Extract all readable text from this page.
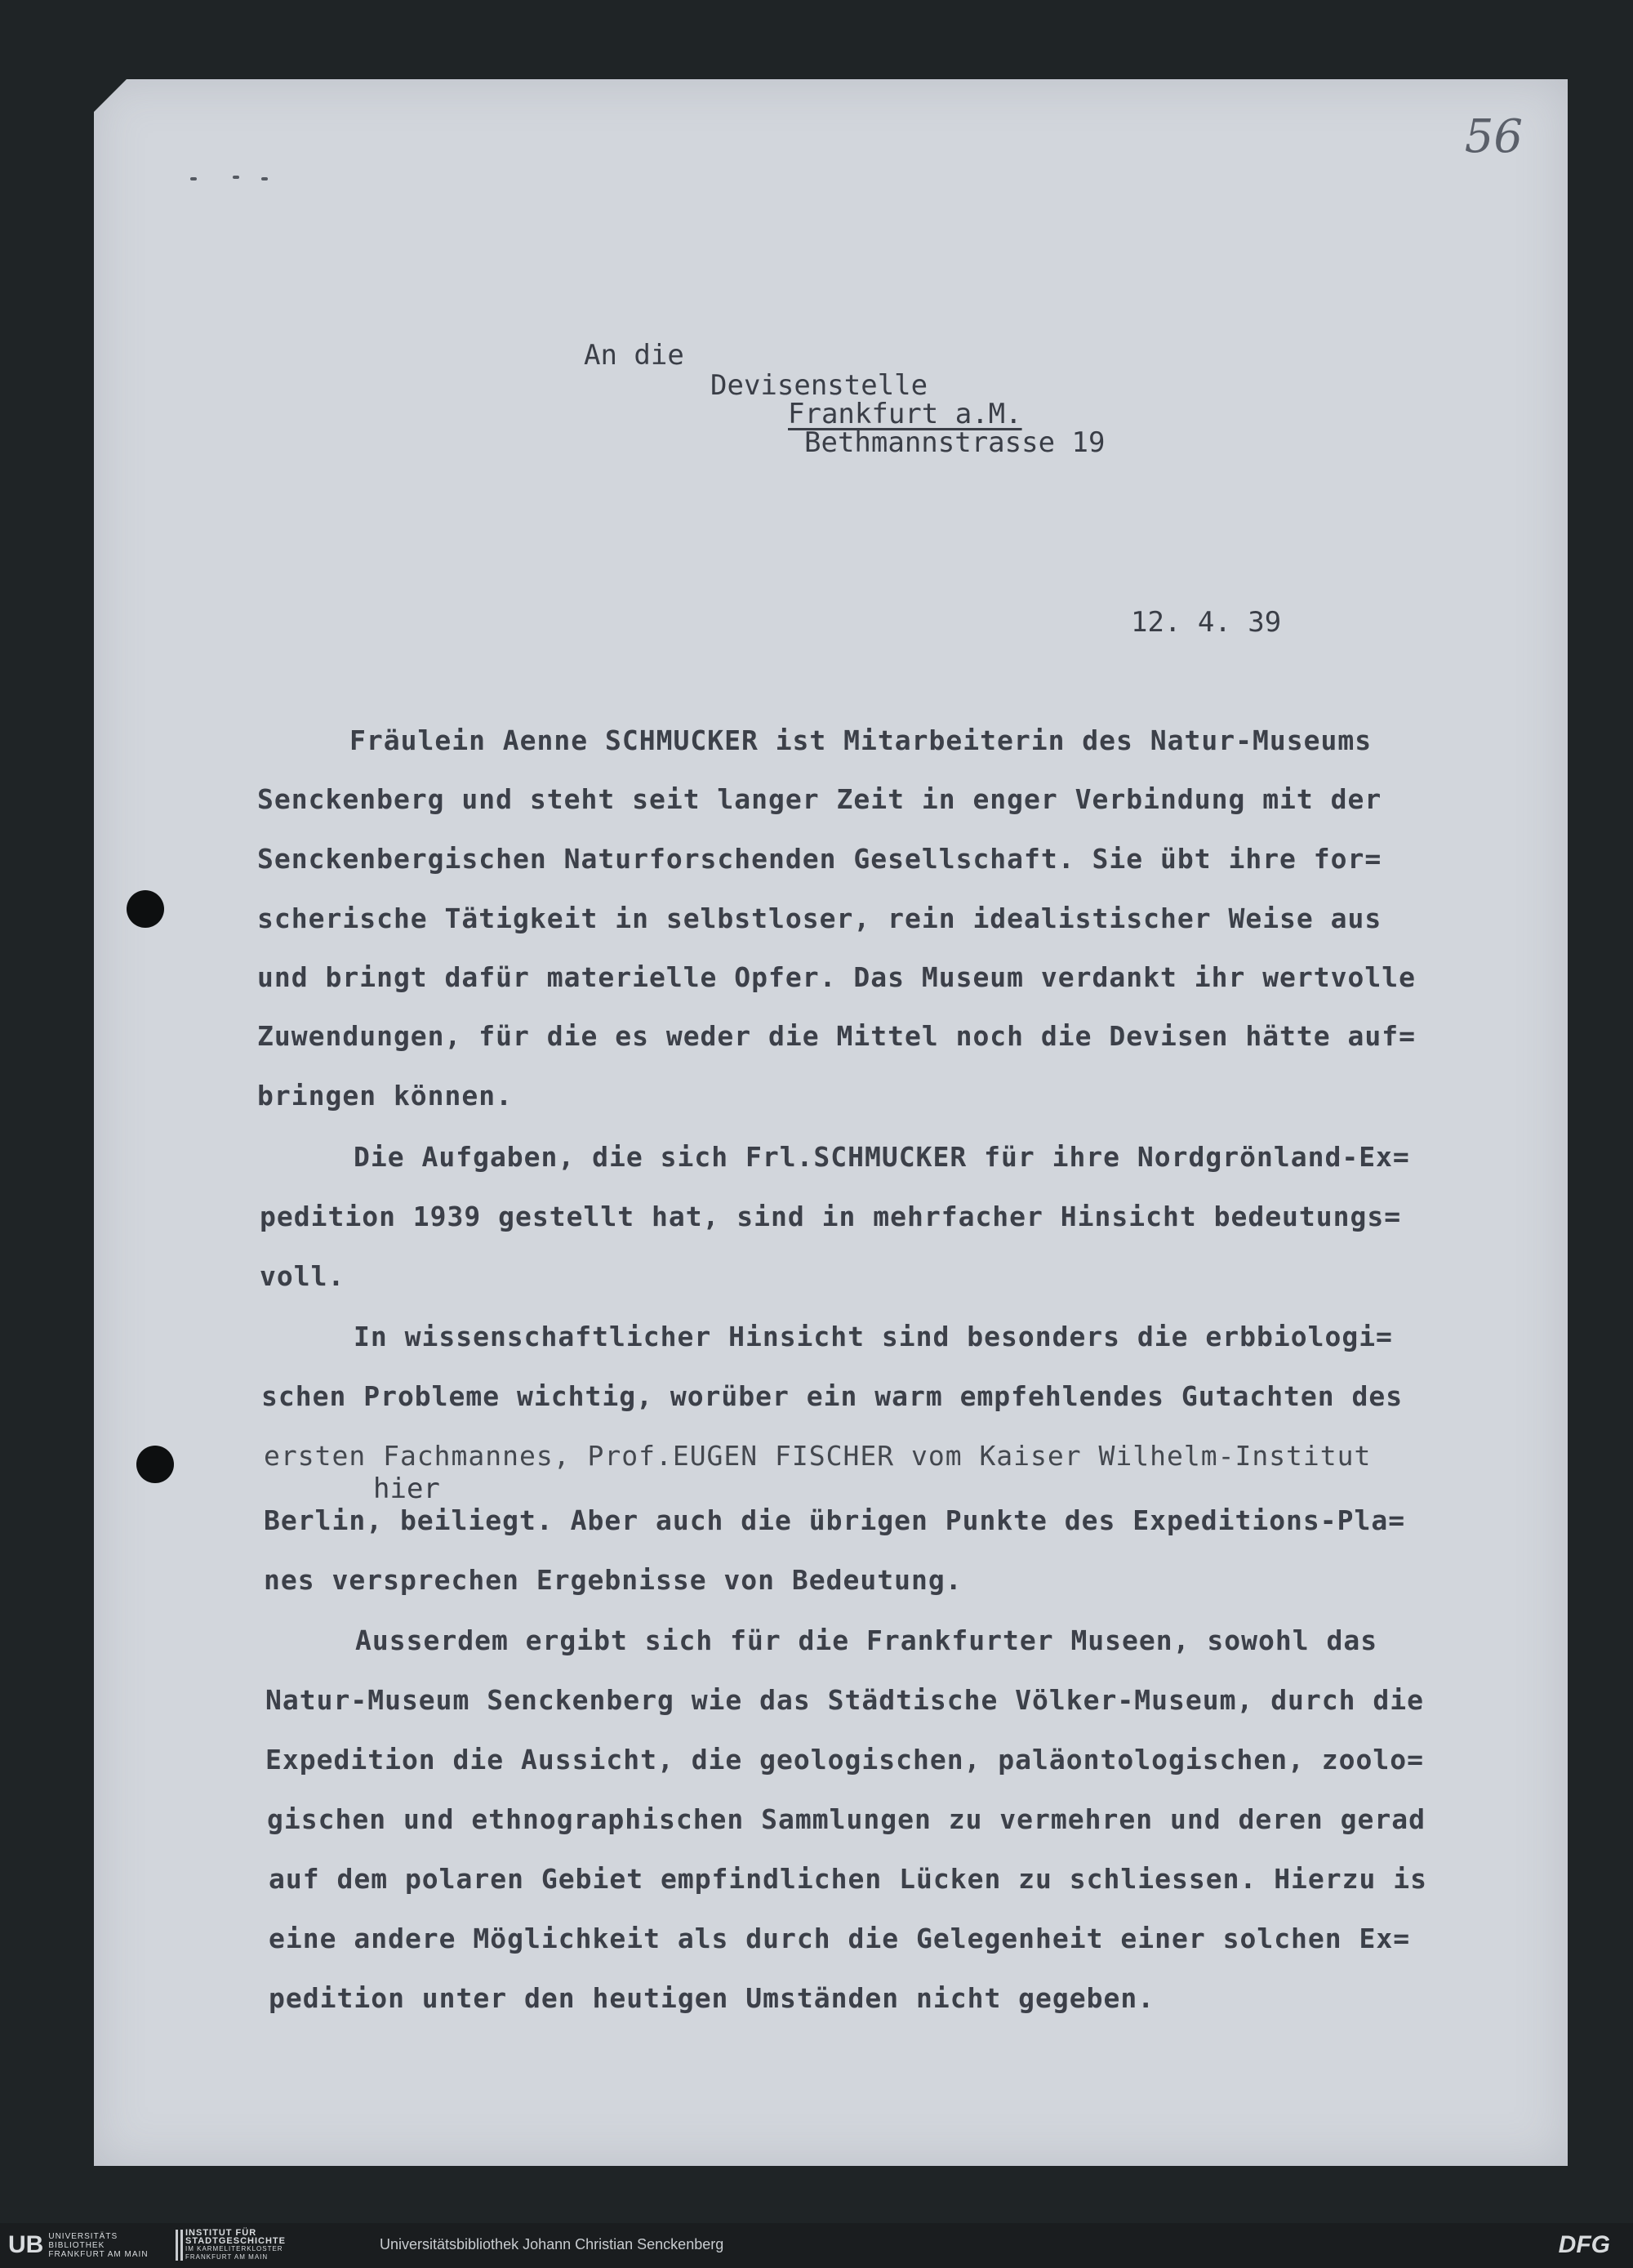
56
An die
Devisenstelle
Frankfurt a.M.
Bethmannstrasse 19
12. 4. 39
Fräulein Aenne SCHMUCKER ist Mitarbeiterin des Natur-Museums
Senckenberg und steht seit langer Zeit in enger Verbindung mit der
Senckenbergischen Naturforschenden Gesellschaft. Sie übt ihre for=
scherische Tätigkeit in selbstloser, rein idealistischer Weise aus
und bringt dafür materielle Opfer. Das Museum verdankt ihr wertvolle
Zuwendungen, für die es weder die Mittel noch die Devisen hätte auf=
bringen können.
Die Aufgaben, die sich Frl.SCHMUCKER für ihre Nordgrönland-Ex=
pedition 1939 gestellt hat, sind in mehrfacher Hinsicht bedeutungs=
voll.
In wissenschaftlicher Hinsicht sind besonders die erbbiologi=
schen Probleme wichtig, worüber ein warm empfehlendes Gutachten des
ersten Fachmannes, Prof.EUGEN FISCHER vom Kaiser Wilhelm-Institut
hier
Berlin, beiliegt. Aber auch die übrigen Punkte des Expeditions-Pla=
nes versprechen Ergebnisse von Bedeutung.
Ausserdem ergibt sich für die Frankfurter Museen, sowohl das
Natur-Museum Senckenberg wie das Städtische Völker-Museum, durch die
Expedition die Aussicht, die geologischen, paläontologischen, zoolo=
gischen und ethnographischen Sammlungen zu vermehren und deren gerad
auf dem polaren Gebiet empfindlichen Lücken zu schliessen. Hierzu is
eine andere Möglichkeit als durch die Gelegenheit einer solchen Ex=
pedition unter den heutigen Umständen nicht gegeben.
UB UNIVERSITÄTS
BIBLIOTHEK
FRANKFURT AM MAIN
INSTITUT FÜR
STADTGESCHICHTE
IM KARMELITERKLOSTER
FRANKFURT AM MAIN
Universitätsbibliothek Johann Christian Senckenberg	DFG
